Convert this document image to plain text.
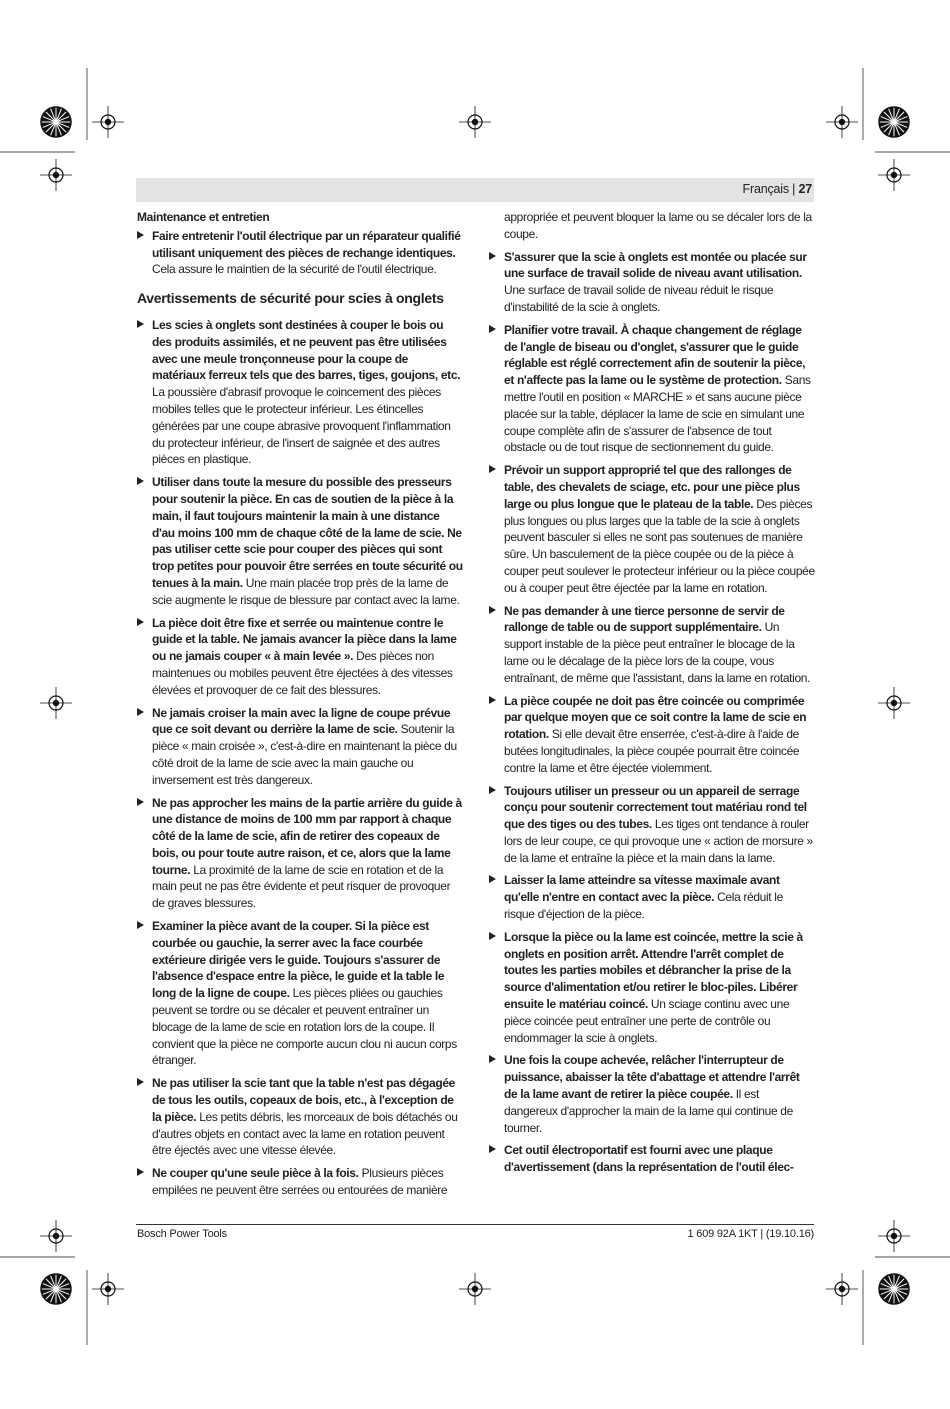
Français | 27
Maintenance et entretien
Faire entretenir l'outil électrique par un réparateur qualifié utilisant uniquement des pièces de rechange identiques. Cela assure le maintien de la sécurité de l'outil électrique.
Avertissements de sécurité pour scies à onglets
Les scies à onglets sont destinées à couper le bois ou des produits assimilés, et ne peuvent pas être utilisées avec une meule tronçonneuse pour la coupe de matériaux ferreux tels que des barres, tiges, goujons, etc. La poussière d'abrasif provoque le coincement des pièces mobiles telles que le protecteur inférieur. Les étincelles générées par une coupe abrasive provoquent l'inflammation du protecteur inférieur, de l'insert de saignée et des autres pièces en plastique.
Utiliser dans toute la mesure du possible des presseurs pour soutenir la pièce. En cas de soutien de la pièce à la main, il faut toujours maintenir la main à une distance d'au moins 100 mm de chaque côté de la lame de scie. Ne pas utiliser cette scie pour couper des pièces qui sont trop petites pour pouvoir être serrées en toute sécurité ou tenues à la main. Une main placée trop près de la lame de scie augmente le risque de blessure par contact avec la lame.
La pièce doit être fixe et serrée ou maintenue contre le guide et la table. Ne jamais avancer la pièce dans la lame ou ne jamais couper « à main levée ». Des pièces non maintenues ou mobiles peuvent être éjectées à des vitesses élevées et provoquer de ce fait des blessures.
Ne jamais croiser la main avec la ligne de coupe prévue que ce soit devant ou derrière la lame de scie. Soutenir la pièce « main croisée », c'est-à-dire en maintenant la pièce du côté droit de la lame de scie avec la main gauche ou inversement est très dangereux.
Ne pas approcher les mains de la partie arrière du guide à une distance de moins de 100 mm par rapport à chaque côté de la lame de scie, afin de retirer des copeaux de bois, ou pour toute autre raison, et ce, alors que la lame tourne. La proximité de la lame de scie en rotation et de la main peut ne pas être évidente et peut risquer de provoquer de graves blessures.
Examiner la pièce avant de la couper. Si la pièce est courbée ou gauchie, la serrer avec la face courbée extérieure dirigée vers le guide. Toujours s'assurer de l'absence d'espace entre la pièce, le guide et la table le long de la ligne de coupe. Les pièces pliées ou gauchies peuvent se tordre ou se décaler et peuvent entraîner un blocage de la lame de scie en rotation lors de la coupe. Il convient que la pièce ne comporte aucun clou ni aucun corps étranger.
Ne pas utiliser la scie tant que la table n'est pas dégagée de tous les outils, copeaux de bois, etc., à l'exception de la pièce. Les petits débris, les morceaux de bois détachés ou d'autres objets en contact avec la lame en rotation peuvent être éjectés avec une vitesse élevée.
Ne couper qu'une seule pièce à la fois. Plusieurs pièces empilées ne peuvent être serrées ou entourées de manière
appropriée et peuvent bloquer la lame ou se décaler lors de la coupe.
S'assurer que la scie à onglets est montée ou placée sur une surface de travail solide de niveau avant utilisation. Une surface de travail solide de niveau réduit le risque d'instabilité de la scie à onglets.
Planifier votre travail. À chaque changement de réglage de l'angle de biseau ou d'onglet, s'assurer que le guide réglable est réglé correctement afin de soutenir la pièce, et n'affecte pas la lame ou le système de protection. Sans mettre l'outil en position « MARCHE » et sans aucune pièce placée sur la table, déplacer la lame de scie en simulant une coupe complète afin de s'assurer de l'absence de tout obstacle ou de tout risque de sectionnement du guide.
Prévoir un support approprié tel que des rallonges de table, des chevalets de sciage, etc. pour une pièce plus large ou plus longue que le plateau de la table. Des pièces plus longues ou plus larges que la table de la scie à onglets peuvent basculer si elles ne sont pas soutenues de manière sûre. Un basculement de la pièce coupée ou de la pièce à couper peut soulever le protecteur inférieur ou la pièce coupée ou à couper peut être éjectée par la lame en rotation.
Ne pas demander à une tierce personne de servir de rallonge de table ou de support supplémentaire. Un support instable de la pièce peut entraîner le blocage de la lame ou le décalage de la pièce lors de la coupe, vous entraînant, de même que l'assistant, dans la lame en rotation.
La pièce coupée ne doit pas être coincée ou comprimée par quelque moyen que ce soit contre la lame de scie en rotation. Si elle devait être enserrée, c'est-à-dire à l'aide de butées longitudinales, la pièce coupée pourrait être coincée contre la lame et être éjectée violemment.
Toujours utiliser un presseur ou un appareil de serrage conçu pour soutenir correctement tout matériau rond tel que des tiges ou des tubes. Les tiges ont tendance à rouler lors de leur coupe, ce qui provoque une « action de morsure » de la lame et entraîne la pièce et la main dans la lame.
Laisser la lame atteindre sa vitesse maximale avant qu'elle n'entre en contact avec la pièce. Cela réduit le risque d'éjection de la pièce.
Lorsque la pièce ou la lame est coincée, mettre la scie à onglets en position arrêt. Attendre l'arrêt complet de toutes les parties mobiles et débrancher la prise de la source d'alimentation et/ou retirer le bloc-piles. Libérer ensuite le matériau coincé. Un sciage continu avec une pièce coincée peut entraîner une perte de contrôle ou endommager la scie à onglets.
Une fois la coupe achevée, relâcher l'interrupteur de puissance, abaisser la tête d'abattage et attendre l'arrêt de la lame avant de retirer la pièce coupée. Il est dangereux d'approcher la main de la lame qui continue de tourner.
Cet outil électroportatif est fourni avec une plaque d'avertissement (dans la représentation de l'outil élec-
Bosch Power Tools	1 609 92A 1KT | (19.10.16)
